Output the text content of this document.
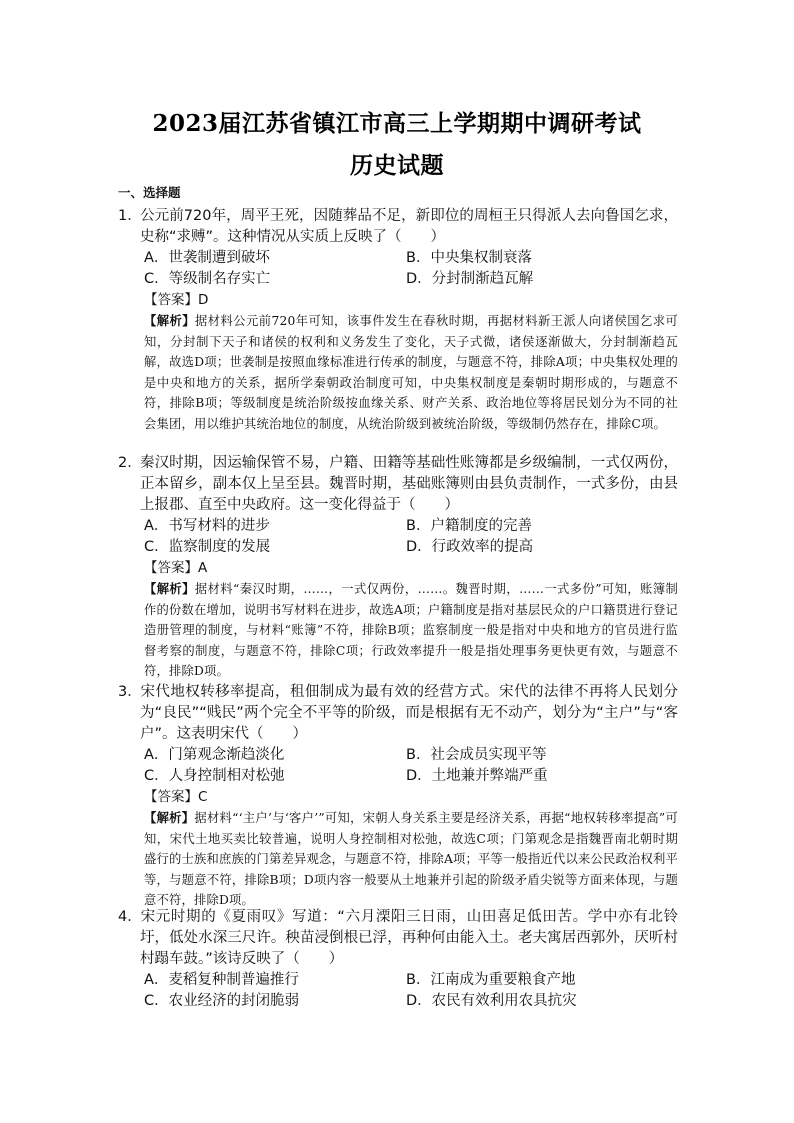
2023届江苏省镇江市高三上学期期中调研考试
历史试题
一、选择题
1．公元前720年，周平王死，因随葬品不足，新即位的周桓王只得派人去向鲁国乞求，史称“求赙”。这种情况从实质上反映了（　　）
A．世袭制遭到破坏	B．中央集权制衰落
C．等级制名存实亡	D．分封制渐趋瓦解
【答案】D
【解析】据材料公元前720年可知，该事件发生在春秋时期，再据材料新王派人向诸侯国乞求可知，分封制下天子和诸侯的权利和义务发生了变化，天子式微，诸侯逐渐做大，分封制渐趋瓦解，故选D项；世袭制是按照血缘标准进行传承的制度，与题意不符，排除A项；中央集权处理的是中央和地方的关系，据所学秦朝政治制度可知，中央集权制度是秦朝时期形成的，与题意不符，排除B项；等级制度是统治阶级按血缘关系、财产关系、政治地位等将居民划分为不同的社会集团，用以维护其统治地位的制度，从统治阶级到被统治阶级，等级制仍然存在，排除C项。
2．秦汉时期，因运输保管不易，户籍、田籍等基础性账簿都是乡级编制，一式仅两份，正本留乡，副本仅上呈至县。魏晋时期，基础账簿则由县负责制作，一式多份，由县上报郡、直至中央政府。这一变化得益于（　　）
A．书写材料的进步	B．户籍制度的完善
C．监察制度的发展	D．行政效率的提高
【答案】A
【解析】据材料“秦汉时期，……，一式仅两份，……。魏晋时期，……一式多份”可知，账簿制作的份数在增加，说明书写材料在进步，故选A项；户籍制度是指对基层民众的户口籍贯进行登记造册管理的制度，与材料“账簿”不符，排除B项；监察制度一般是指对中央和地方的官员进行监督考察的制度，与题意不符，排除C项；行政效率提升一般是指处理事务更快更有效，与题意不符，排除D项。
3．宋代地权转移率提高，租佃制成为最有效的经营方式。宋代的法律不再将人民划分为“良民”“贱民”两个完全不平等的阶级，而是根据有无不动产，划分为“主户”与“客户”。这表明宋代（　　）
A．门第观念渐趋淡化	B．社会成员实现平等
C．人身控制相对松弛	D．土地兼并弊端严重
【答案】C
【解析】据材料“‘主户’与‘客户’”可知，宋朝人身关系主要是经济关系，再据“地权转移率提高”可知，宋代土地买卖比较普遍，说明人身控制相对松弛，故选C项；门第观念是指魏晋南北朝时期盛行的士族和庶族的门第差异观念，与题意不符，排除A项；平等一般指近代以来公民政治权利平等，与题意不符，排除B项；D项内容一般要从土地兼并引起的阶级矛盾尖锐等方面来体现，与题意不符，排除D项。
4．宋元时期的《夏雨叹》写道：“六月溧阳三日雨，山田喜足低田苦。学中亦有北铃圩，低处水深三尺许。秧苗浸倒根已浮，再种何由能入土。老夫寓居西郭外，厌听村村蹋车鼓。”该诗反映了（　　）
A．麦稻复种制普遍推行	B．江南成为重要粮食产地
C．农业经济的封闭脆弱	D．农民有效利用农具抗灾
